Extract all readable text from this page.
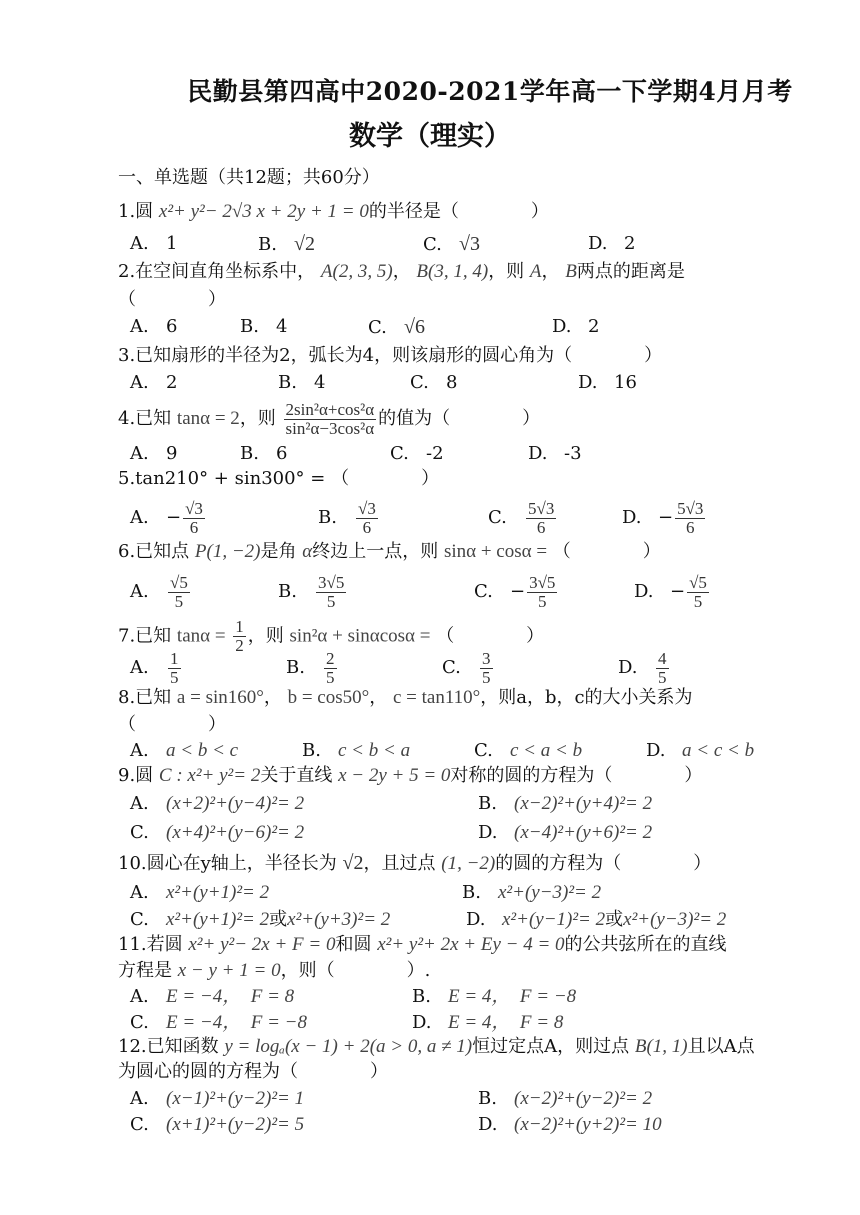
民勤县第四高中2020-2021学年高一下学期4月月考
数学（理实）
一、单选题（共12题；共60分）
1.圆 x²+ y²− 2√3 x + 2y + 1 = 0的半径是（　　　　）
A. 1	B. √2	C. √3	D. 2
2.在空间直角坐标系中， A(2, 3, 5)， B(3, 1, 4)，则 A， B两点的距离是
（　　　　）
A. 6	B. 4	C. √6	D. 2
3.已知扇形的半径为2，弧长为4，则该扇形的圆心角为（　　　　）
A. 2	B. 4	C. 8	D. 16
4.已知 tanα = 2，则 $\frac{\text{2sin²α+cos²α}}{\text{sin²α−3cos²α}}$ 的值为（　　　　）
A. 9	B. 6	C. -2	D. -3
5.tan210° + sin300° = （　　　　）
A. − $\frac{√3}{6}$	B. $\frac{√3}{6}$	C. $\frac{5√3}{6}$	D. − $\frac{5√3}{6}$
6.已知点 P(1, −2)是角 α终边上一点，则 sinα + cosα = （　　　　）
A. $\frac{√5}{5}$	B. $\frac{3√5}{5}$	C. − $\frac{3√5}{5}$	D. − $\frac{√5}{5}$
7.已知 $\tan\alpha = \frac{1}{2}$ ，则 sin²α + sinαcosα = （　　　　）
A. $\frac{1}{5}$	B. $\frac{2}{5}$	C. $\frac{3}{5}$	D. $\frac{4}{5}$
8.已知 a = sin160°， b = cos50°， c = tan110°，则a，b，c的大小关系为
（　　　　）
A. a < b < c	B. c < b < a	C. c < a < b	D. a < c < b
9.圆 C : x²+ y²= 2关于直线 x − 2y + 5 = 0对称的圆的方程为（　　　　）
A. (x+2)²+(y−4)²= 2	B. (x−2)²+(y+4)²= 2
C. (x+4)²+(y−6)²= 2	D. (x−4)²+(y+6)²= 2
10.圆心在y轴上，半径长为 √2，且过点 (1, −2)的圆的方程为（　　　　）
A. x²+(y+1)²= 2	B. x²+(y−3)²= 2
C. x²+(y+1)²= 2或x²+(y+3)²= 2	D. x²+(y−1)²= 2或x²+(y−3)²= 2
11.若圆 x²+ y²− 2x + F = 0和圆 x²+ y²+ 2x + Ey − 4 = 0的公共弦所在的直线
方程是 x − y + 1 = 0，则（　　　　）.
A. E = −4，　F = 8	B. E = 4，　F = −8
C. E = −4，　F = −8	D. E = 4，　F = 8
12.已知函数 y = logₐ(x − 1) + 2(a > 0, a ≠ 1)恒过定点A，则过点 B(1, 1)且以A点
为圆心的圆的方程为（　　　　）
A. (x−1)²+(y−2)²= 1	B. (x−2)²+(y−2)²= 2
C. (x+1)²+(y−2)²= 5	D. (x−2)²+(y+2)²= 10
